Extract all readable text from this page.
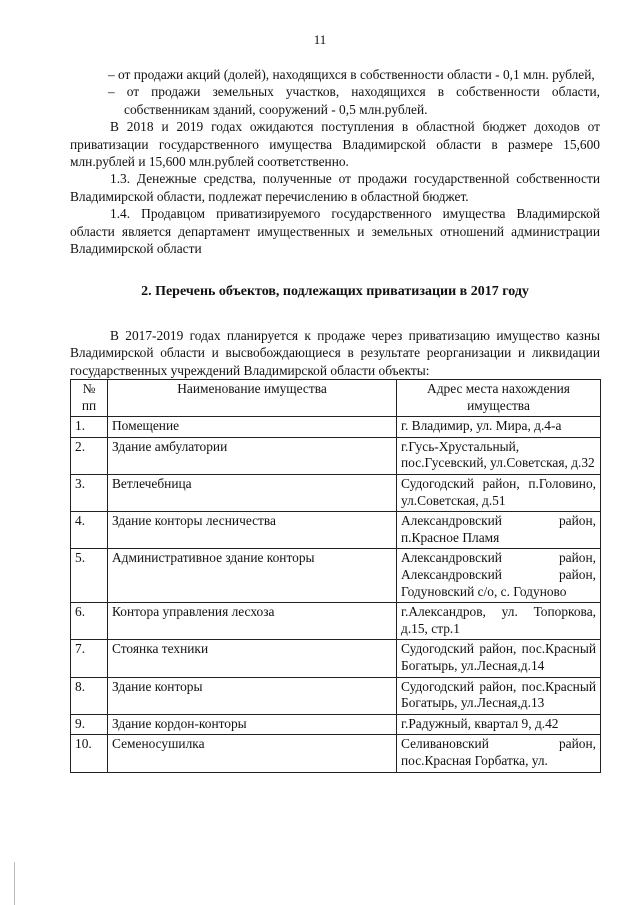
11

– от продажи акций (долей), находящихся в собственности области - 0,1 млн. рублей,

– от продажи земельных участков, находящихся в собственности области, собственникам зданий, сооружений - 0,5 млн.рублей.

В 2018 и 2019 годах ожидаются поступления в областной бюджет доходов от приватизации государственного имущества Владимирской области в размере 15,600 млн.рублей и 15,600 млн.рублей соответственно.

1.3. Денежные средства, полученные от продажи государственной собственности Владимирской области, подлежат перечислению в областной бюджет.

1.4. Продавцом приватизируемого государственного имущества Владимирской области является департамент имущественных и земельных отношений администрации Владимирской области

2. Перечень объектов, подлежащих приватизации в 2017 году

В 2017-2019 годах планируется к продаже через приватизацию имущество казны Владимирской области и высвобождающиеся в результате реорганизации и ликвидации государственных учреждений Владимирской области объекты:

№ пп	Наименование имущества	Адрес места нахождения имущества
1.	Помещение	г. Владимир, ул. Мира, д.4-а
2.	Здание амбулатории	г.Гусь-Хрустальный, пос.Гусевский, ул.Советская, д.32
3.	Ветлечебница	Судогодский район, п.Головино, ул.Советская, д.51
4.	Здание конторы лесничества	Александровский район, п.Красное Пламя
5.	Административное здание конторы	Александровский район, Александровский район, Годуновский с/о, с. Годуново
6.	Контора управления лесхоза	г.Александров, ул. Топоркова, д.15, стр.1
7.	Стоянка техники	Судогодский район, пос.Красный Богатырь, ул.Лесная,д.14
8.	Здание конторы	Судогодский район, пос.Красный Богатырь, ул.Лесная,д.13
9.	Здание кордон-конторы	г.Радужный, квартал 9, д.42
10.	Семеносушилка	Селивановский район, пос.Красная Горбатка, ул.
